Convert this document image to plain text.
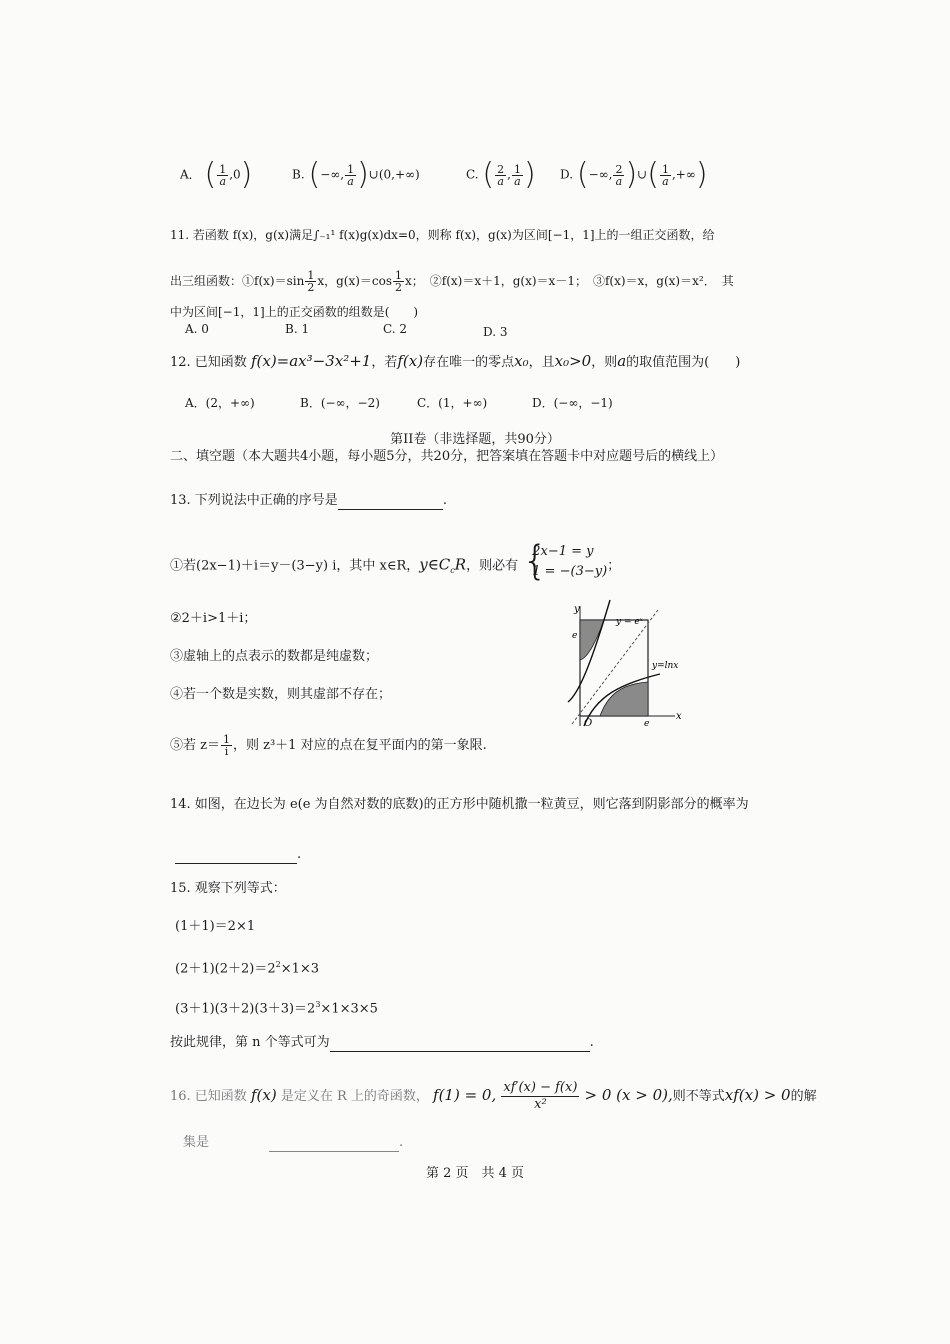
A． ( $\frac{1}{a} ,0$)	B. (−∞, $\frac{1}{a}$ )∪(0,+∞)	C. ( $\frac{2}{a}$ , $\frac{1}{a}$ ) D. (−∞, $\frac{2}{a}$ )∪( $\frac{1}{a}$ ,+∞)
11. 若函数 f(x)，g(x)满足∫₋₁¹ f(x)g(x)dx=0，则称 f(x)，g(x)为区间[−1，1]上的一组正交函数，给
出三组函数：①f(x)＝sin $\frac{1}{2}$ x，$g(x)=\cos \frac{1}{2}$ x；　②f(x)＝x＋1，g(x)＝x－1；　③f(x)＝x，g(x)＝x²．　其
中为区间[−1，1]上的正交函数的组数是(　　)
A. 0	B. 1	C. 2	D. 3
12. 已知函数 f(x)=ax³−3x²+1，若f(x)存在唯一的零点x₀，且x₀>0，则a的取值范围为(　　)
A．(2，+∞)	B．(−∞，−2)	C．(1，+∞)	D．(−∞，−1)
第II卷（非选择题，共90分）
二、填空题（本大题共4小题，每小题5分，共20分，把答案填在答题卡中对应题号后的横线上）
13. 下列说法中正确的序号是	.
①若(2x−1)＋i＝y－(3−y) i，其中 x∈R，$y\in C_cR$，则必有 {
2x−1 = y
1 = −(3−y) ；
②2＋i>1＋i；
③虚轴上的点表示的数都是纯虚数；
④若一个数是实数，则其虚部不存在；
⑤若 $z= \frac{1}{i}$ ，则 z³＋1 对应的点在复平面内的第一象限.
y
x
O
e
e
y = eˣ
y=lnx
14. 如图，在边长为 e(e 为自然对数的底数)的正方形中随机撒一粒黄豆，则它落到阴影部分的概率为
.
15. 观察下列等式：
(1＋1)＝2×1
$(2+1)(2+2)=2^2\times 1\times 3$
$(3+1)(3+2)(3+3)=2^3\times 1\times 3\times 5$
按此规律，第 n 个等式可为	.
16. 已知函数 f(x) 是定义在 R 上的奇函数， f(1) = 0, $\frac{xf'(x) - f(x)}{\text{x²}} > 0$ (x > 0),则不等式xf(x) > 0的解
集是	.
第 2 页　共 4 页
